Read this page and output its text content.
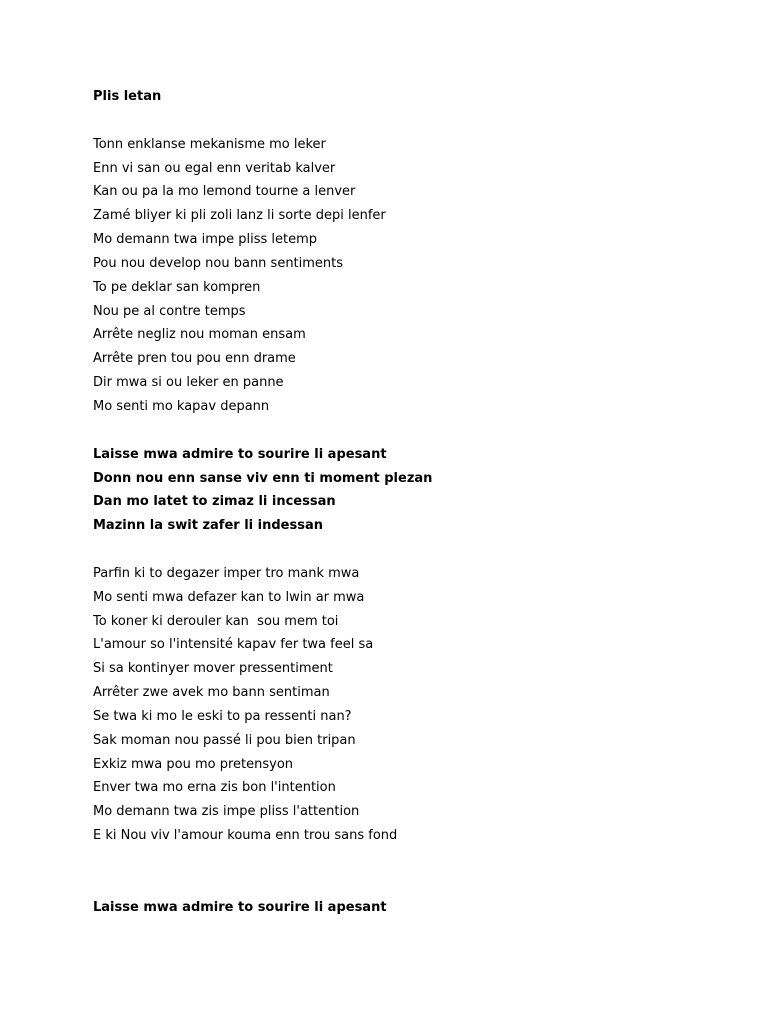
Plis letan
Tonn enklanse mekanisme mo leker
Enn vi san ou egal enn veritab kalver
Kan ou pa la mo lemond tourne a lenver
Zamé bliyer ki pli zoli lanz li sorte depi lenfer
Mo demann twa impe pliss letemp
Pou nou develop nou bann sentiments
To pe deklar san kompren
Nou pe al contre temps
Arrête negliz nou moman ensam
Arrête pren tou pou enn drame
Dir mwa si ou leker en panne
Mo senti mo kapav depann
Laisse mwa admire to sourire li apesant
Donn nou enn sanse viv enn ti moment plezan
Dan mo latet to zimaz li incessan
Mazinn la swit zafer li indessan
Parfin ki to degazer imper tro mank mwa
Mo senti mwa defazer kan to lwin ar mwa
To koner ki derouler kan  sou mem toi
L'amour so l'intensité kapav fer twa feel sa
Si sa kontinyer mover pressentiment
Arrêter zwe avek mo bann sentiman
Se twa ki mo le eski to pa ressenti nan?
Sak moman nou passé li pou bien tripan
Exkiz mwa pou mo pretensyon
Enver twa mo erna zis bon l'intention
Mo demann twa zis impe pliss l'attention
E ki Nou viv l'amour kouma enn trou sans fond
Laisse mwa admire to sourire li apesant
